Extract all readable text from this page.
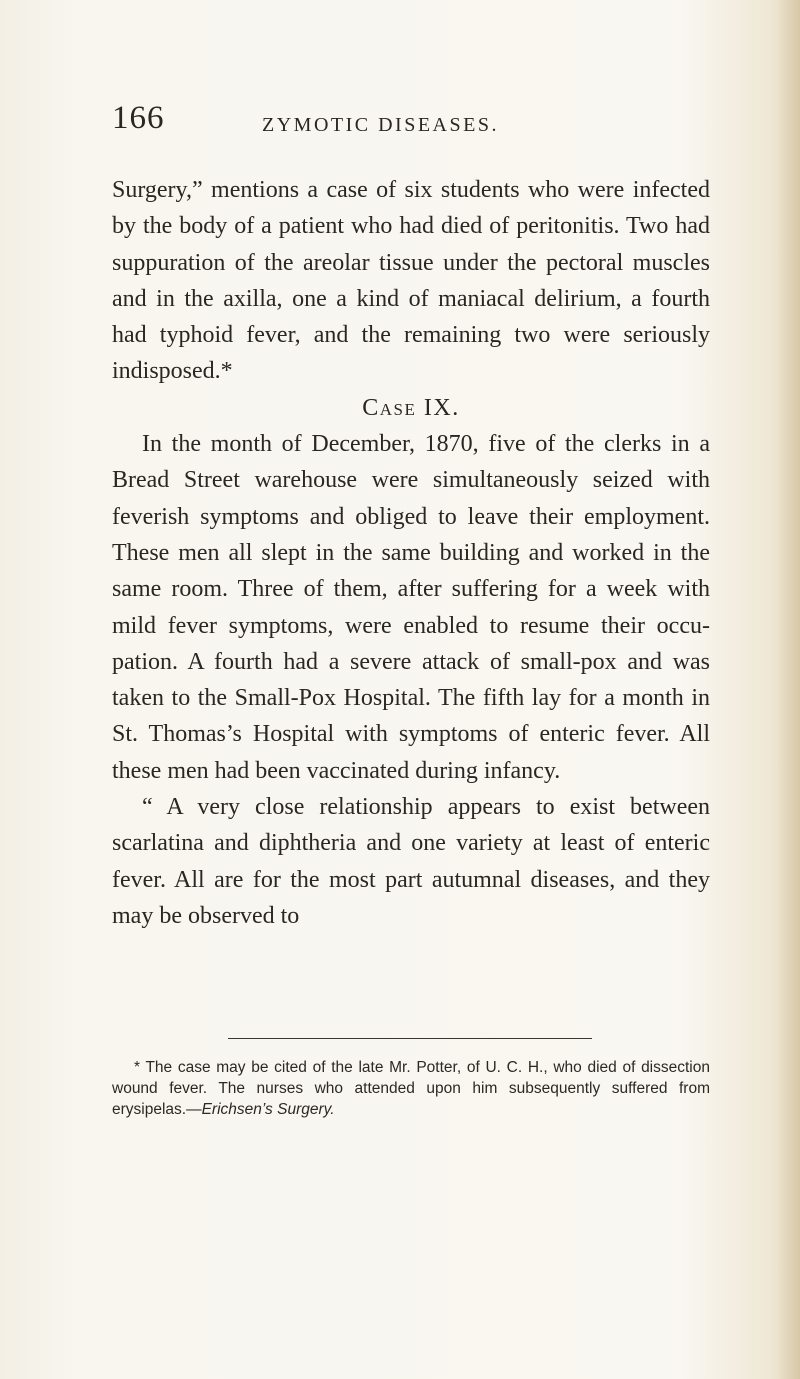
166	ZYMOTIC DISEASES.

Surgery,” mentions a case of six students who were infected by the body of a patient who had died of peritonitis. Two had suppuration of the areolar tissue under the pectoral muscles and in the axilla, one a kind of maniacal delirium, a fourth had typhoid fever, and the remaining two were seriously indisposed.*

Case IX.

In the month of December, 1870, five of the clerks in a Bread Street warehouse were simultaneously seized with feverish symptoms and obliged to leave their employment. These men all slept in the same building and worked in the same room. Three of them, after suffering for a week with mild fever symptoms, were enabled to resume their occupation. A fourth had a severe attack of small-pox and was taken to the Small-Pox Hospital. The fifth lay for a month in St. Thomas’s Hospital with symptoms of enteric fever. All these men had been vaccinated during infancy.

“ A very close relationship appears to exist between scarlatina and diphtheria and one variety at least of enteric fever. All are for the most part autumnal diseases, and they may be observed to

* The case may be cited of the late Mr. Potter, of U. C. H., who died of dissection wound fever. The nurses who attended upon him subsequently suffered from erysipelas.—Erichsen’s Surgery.
